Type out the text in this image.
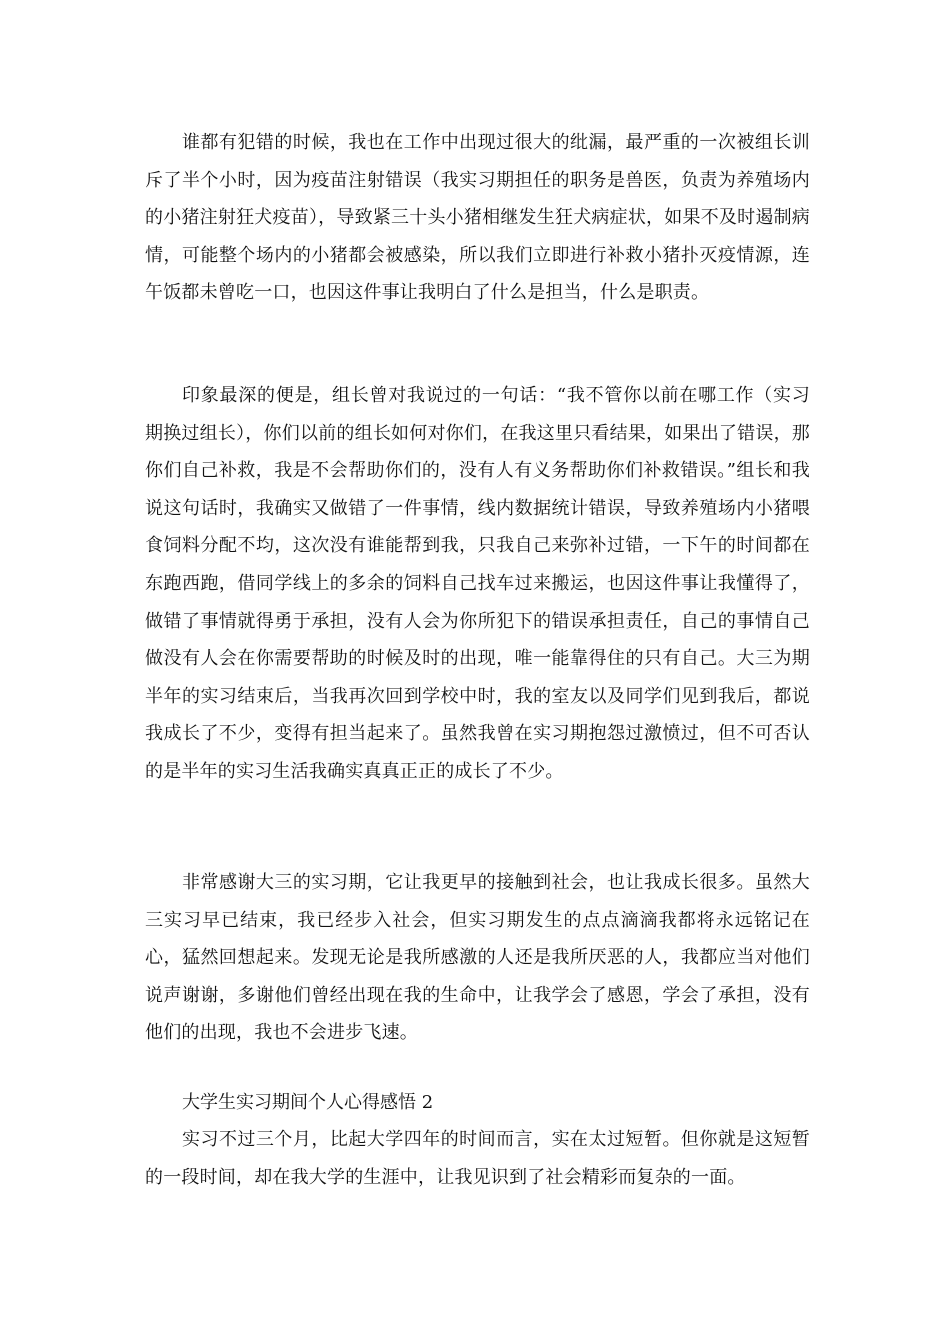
谁都有犯错的时候，我也在工作中出现过很大的纰漏，最严重的一次被组长训斥了半个小时，因为疫苗注射错误（我实习期担任的职务是兽医，负责为养殖场内的小猪注射狂犬疫苗），导致紧三十头小猪相继发生狂犬病症状，如果不及时遏制病情，可能整个场内的小猪都会被感染，所以我们立即进行补救小猪扑灭疫情源，连午饭都未曾吃一口，也因这件事让我明白了什么是担当，什么是职责。

印象最深的便是，组长曾对我说过的一句话：“我不管你以前在哪工作（实习期换过组长），你们以前的组长如何对你们，在我这里只看结果，如果出了错误，那你们自己补救，我是不会帮助你们的，没有人有义务帮助你们补救错误。”组长和我说这句话时，我确实又做错了一件事情，线内数据统计错误，导致养殖场内小猪喂食饲料分配不均，这次没有谁能帮到我，只我自己来弥补过错，一下午的时间都在东跑西跑，借同学线上的多余的饲料自己找车过来搬运，也因这件事让我懂得了，做错了事情就得勇于承担，没有人会为你所犯下的错误承担责任，自己的事情自己做没有人会在你需要帮助的时候及时的出现，唯一能靠得住的只有自己。大三为期半年的实习结束后，当我再次回到学校中时，我的室友以及同学们见到我后，都说我成长了不少，变得有担当起来了。虽然我曾在实习期抱怨过激愤过，但不可否认的是半年的实习生活我确实真真正正的成长了不少。

非常感谢大三的实习期，它让我更早的接触到社会，也让我成长很多。虽然大三实习早已结束，我已经步入社会，但实习期发生的点点滴滴我都将永远铭记在心，猛然回想起来。发现无论是我所感激的人还是我所厌恶的人，我都应当对他们说声谢谢，多谢他们曾经出现在我的生命中，让我学会了感恩，学会了承担，没有他们的出现，我也不会进步飞速。

大学生实习期间个人心得感悟 2

实习不过三个月，比起大学四年的时间而言，实在太过短暂。但你就是这短暂的一段时间，却在我大学的生涯中，让我见识到了社会精彩而复杂的一面。
